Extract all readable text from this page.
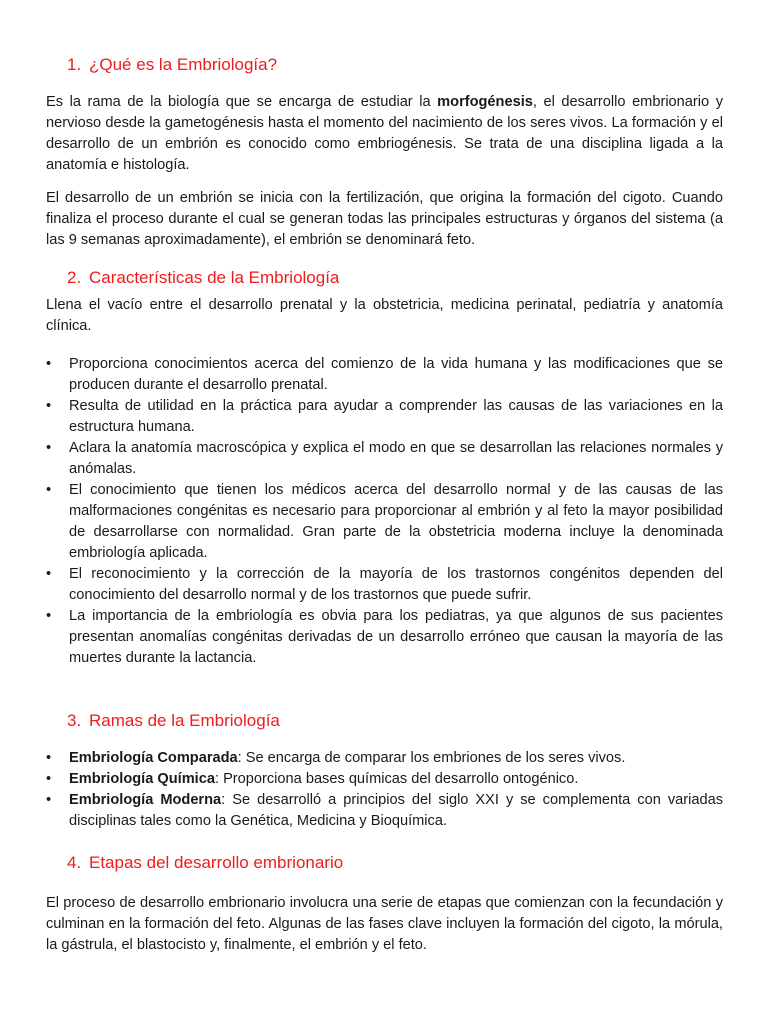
1. ¿Qué es la Embriología?

Es la rama de la biología que se encarga de estudiar la morfogénesis, el desarrollo embrionario y nervioso desde la gametogénesis hasta el momento del nacimiento de los seres vivos. La formación y el desarrollo de un embrión es conocido como embriogénesis. Se trata de una disciplina ligada a la anatomía e histología.

El desarrollo de un embrión se inicia con la fertilización, que origina la formación del cigoto. Cuando finaliza el proceso durante el cual se generan todas las principales estructuras y órganos del sistema (a las 9 semanas aproximadamente), el embrión se denominará feto.

2. Características de la Embriología

Llena el vacío entre el desarrollo prenatal y la obstetricia, medicina perinatal, pediatría y anatomía clínica.

•	Proporciona conocimientos acerca del comienzo de la vida humana y las modificaciones que se producen durante el desarrollo prenatal.
•	Resulta de utilidad en la práctica para ayudar a comprender las causas de las variaciones en la estructura humana.
•	Aclara la anatomía macroscópica y explica el modo en que se desarrollan las relaciones normales y anómalas.
•	El conocimiento que tienen los médicos acerca del desarrollo normal y de las causas de las malformaciones congénitas es necesario para proporcionar al embrión y al feto la mayor posibilidad de desarrollarse con normalidad. Gran parte de la obstetricia moderna incluye la denominada embriología aplicada.
•	El reconocimiento y la corrección de la mayoría de los trastornos congénitos dependen del conocimiento del desarrollo normal y de los trastornos que puede sufrir.
•	La importancia de la embriología es obvia para los pediatras, ya que algunos de sus pacientes presentan anomalías congénitas derivadas de un desarrollo erróneo que causan la mayoría de las muertes durante la lactancia.
3. Ramas de la Embriología
•	Embriología Comparada: Se encarga de comparar los embriones de los seres vivos.
•	Embriología Química: Proporciona bases químicas del desarrollo ontogénico.
•	Embriología Moderna: Se desarrolló a principios del siglo XXI y se complementa con variadas disciplinas tales como la Genética, Medicina y Bioquímica.
4. Etapas del desarrollo embrionario

El proceso de desarrollo embrionario involucra una serie de etapas que comienzan con la fecundación y culminan en la formación del feto. Algunas de las fases clave incluyen la formación del cigoto, la mórula, la gástrula, el blastocisto y, finalmente, el embrión y el feto.
